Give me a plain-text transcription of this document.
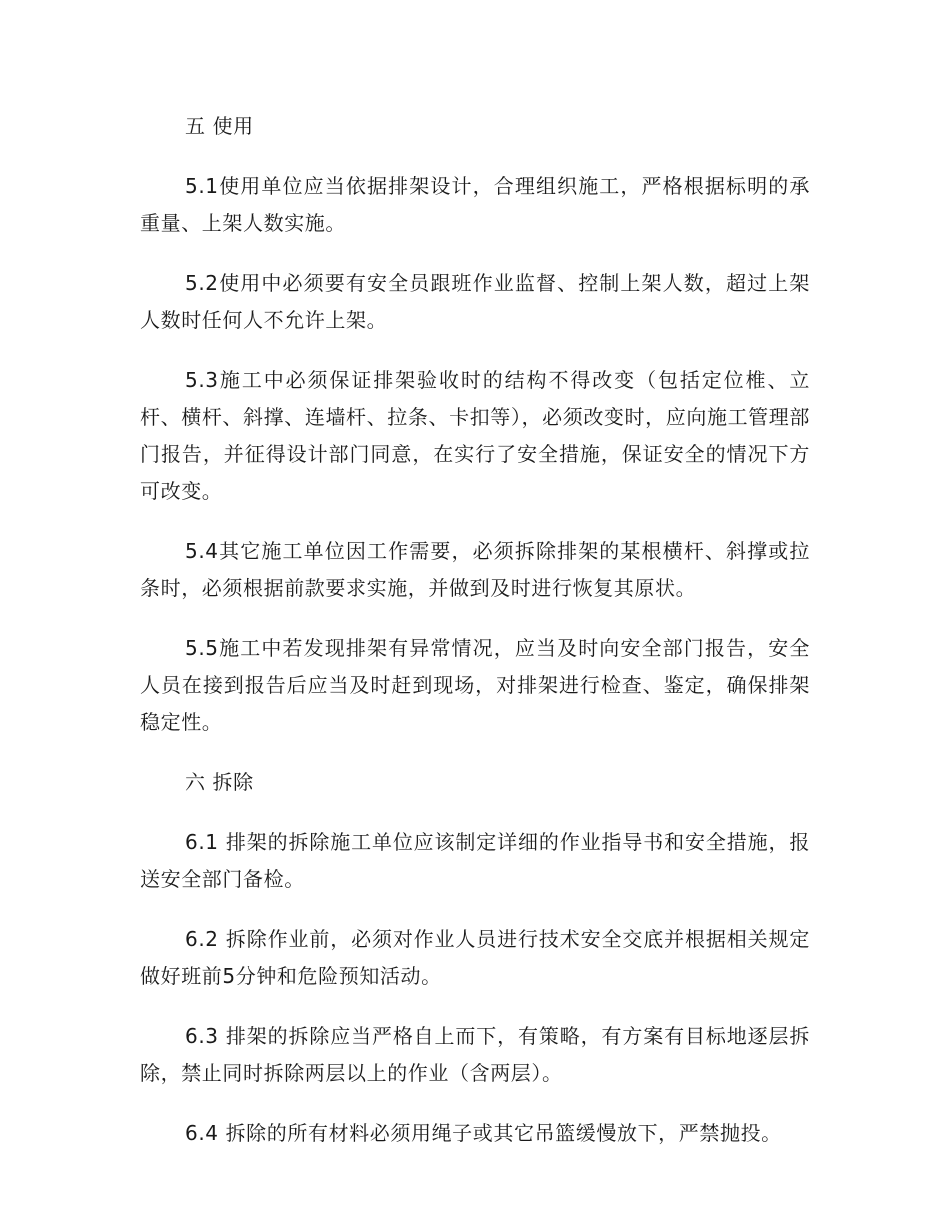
五 使用

5.1使用单位应当依据排架设计，合理组织施工，严格根据标明的承重量、上架人数实施。

5.2使用中必须要有安全员跟班作业监督、控制上架人数，超过上架人数时任何人不允许上架。

5.3施工中必须保证排架验收时的结构不得改变（包括定位椎、立杆、横杆、斜撑、连墙杆、拉条、卡扣等），必须改变时，应向施工管理部门报告，并征得设计部门同意，在实行了安全措施，保证安全的情况下方可改变。

5.4其它施工单位因工作需要，必须拆除排架的某根横杆、斜撑或拉条时，必须根据前款要求实施，并做到及时进行恢复其原状。

5.5施工中若发现排架有异常情况，应当及时向安全部门报告，安全人员在接到报告后应当及时赶到现场，对排架进行检查、鉴定，确保排架稳定性。

六 拆除

6.1 排架的拆除施工单位应该制定详细的作业指导书和安全措施，报送安全部门备检。

6.2 拆除作业前，必须对作业人员进行技术安全交底并根据相关规定做好班前5分钟和危险预知活动。

6.3 排架的拆除应当严格自上而下，有策略，有方案有目标地逐层拆除，禁止同时拆除两层以上的作业（含两层）。

6.4 拆除的所有材料必须用绳子或其它吊篮缓慢放下，严禁抛投。
